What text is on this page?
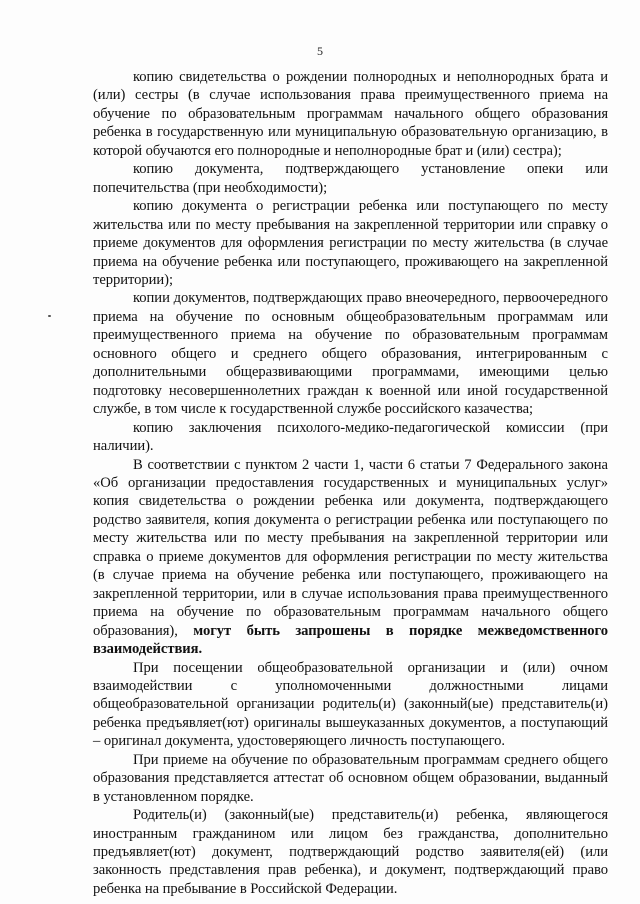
5

копию свидетельства о рождении полнородных и неполнородных брата и (или) сестры (в случае использования права преимущественного приема на обучение по образовательным программам начального общего образования ребенка в государственную или муниципальную образовательную организацию, в которой обучаются его полнородные и неполнородные брат и (или) сестра);

копию документа, подтверждающего установление опеки или попечительства (при необходимости);

копию документа о регистрации ребенка или поступающего по месту жительства или по месту пребывания на закрепленной территории или справку о приеме документов для оформления регистрации по месту жительства (в случае приема на обучение ребенка или поступающего, проживающего на закрепленной территории);

копии документов, подтверждающих право внеочередного, первоочередного приема на обучение по основным общеобразовательным программам или преимущественного приема на обучение по образовательным программам основного общего и среднего общего образования, интегрированным с дополнительными общеразвивающими программами, имеющими целью подготовку несовершеннолетних граждан к военной или иной государственной службе, в том числе к государственной службе российского казачества;

копию заключения психолого-медико-педагогической комиссии (при наличии).

В соответствии с пунктом 2 части 1, части 6 статьи 7 Федерального закона «Об организации предоставления государственных и муниципальных услуг» копия свидетельства о рождении ребенка или документа, подтверждающего родство заявителя, копия документа о регистрации ребенка или поступающего по месту жительства или по месту пребывания на закрепленной территории или справка о приеме документов для оформления регистрации по месту жительства (в случае приема на обучение ребенка или поступающего, проживающего на закрепленной территории, или в случае использования права преимущественного приема на обучение по образовательным программам начального общего образования), могут быть запрошены в порядке межведомственного взаимодействия.

При посещении общеобразовательной организации и (или) очном взаимодействии с уполномоченными должностными лицами общеобразовательной организации родитель(и) (законный(ые) представитель(и) ребенка предъявляет(ют) оригиналы вышеуказанных документов, а поступающий – оригинал документа, удостоверяющего личность поступающего.

При приеме на обучение по образовательным программам среднего общего образования представляется аттестат об основном общем образовании, выданный в установленном порядке.

Родитель(и) (законный(ые) представитель(и) ребенка, являющегося иностранным гражданином или лицом без гражданства, дополнительно предъявляет(ют) документ, подтверждающий родство заявителя(ей) (или законность представления прав ребенка), и документ, подтверждающий право ребенка на пребывание в Российской Федерации.
